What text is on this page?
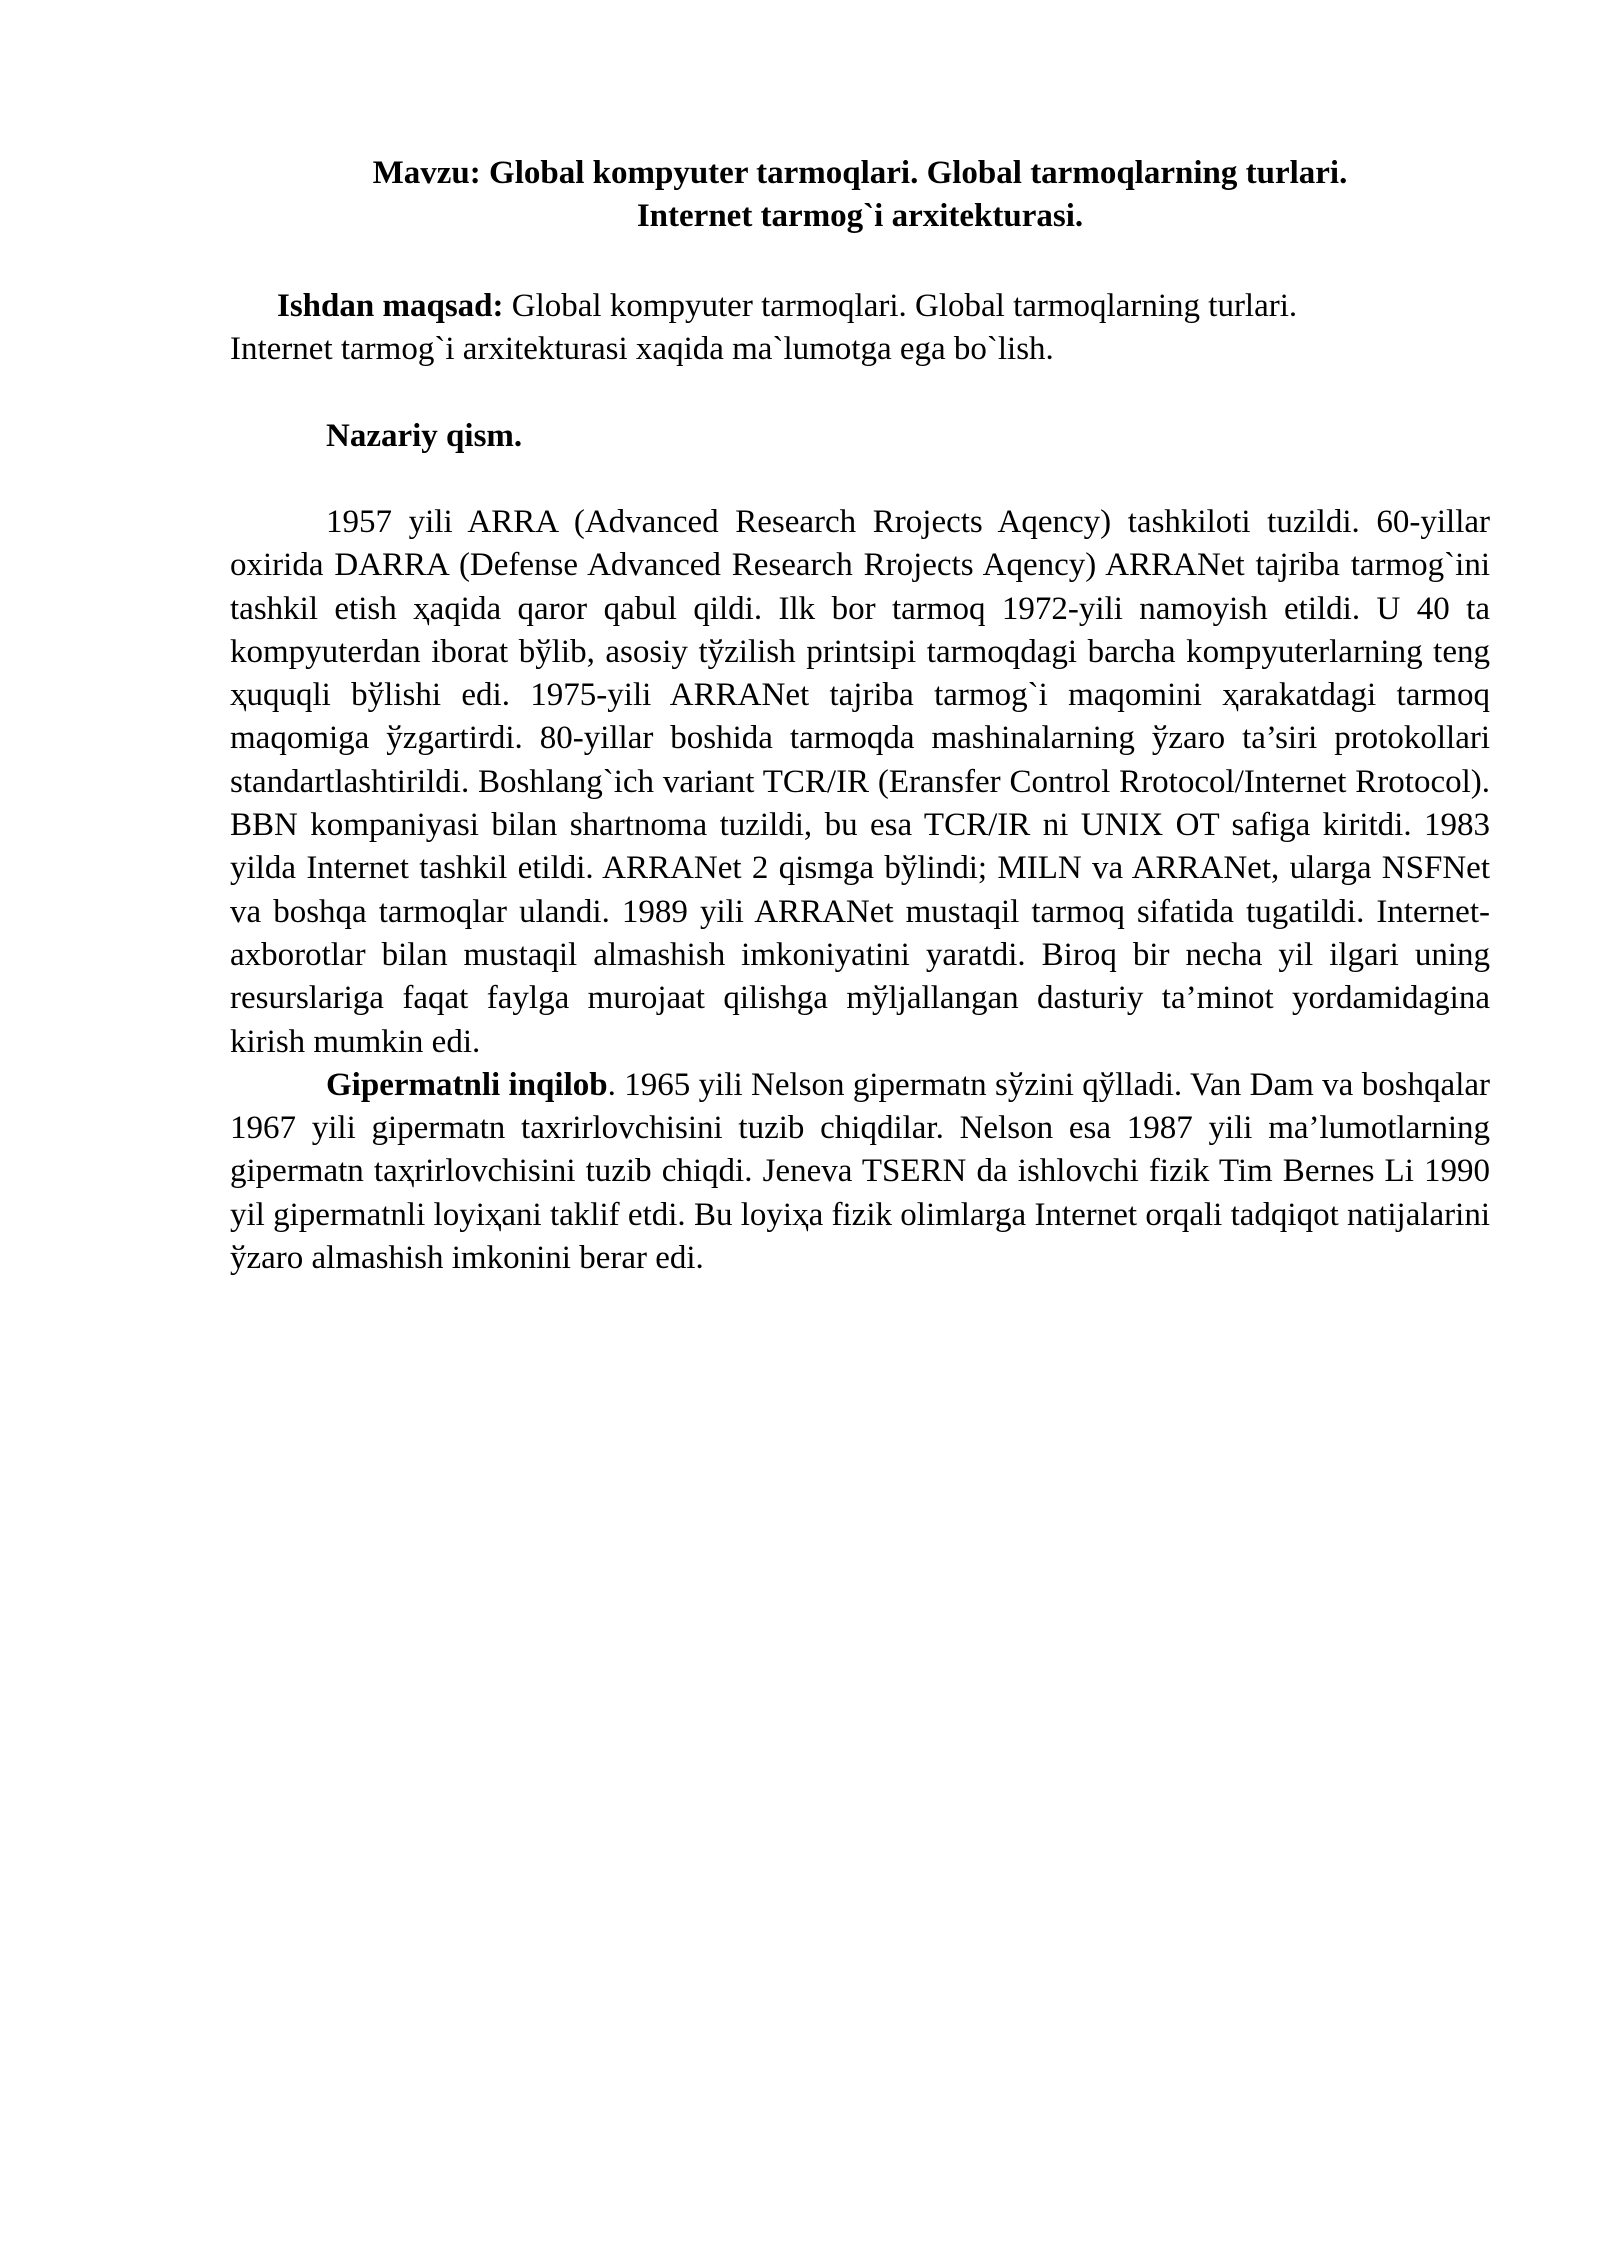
Mavzu: Global kompyuter tarmoqlari. Global tarmoqlarning turlari.
Internet tarmog`i arxitekturasi.
Ishdan maqsad: Global kompyuter tarmoqlari. Global tarmoqlarning turlari.
Internet tarmog`i arxitekturasi xaqida ma`lumotga ega bo`lish.
Nazariy qism.

1957 yili ARRA (Advanced Research Rrojects Aqency) tashkiloti tuzildi. 60-yillar oxirida DARRA (Defense Advanced Research Rrojects Aqency) ARRANet tajriba tarmog`ini tashkil etish ҳaqida qaror qabul qildi. Ilk bor tarmoq 1972-yili namoyish etildi. U 40 ta kompyuterdan iborat bўlib, asosiy tўzilish printsipi tarmoqdagi barcha kompyuterlarning teng ҳuquqli bўlishi edi. 1975-yili ARRANet tajriba tarmog`i maqomini ҳarakatdagi tarmoq maqomiga ўzgartirdi. 80-yillar boshida tarmoqda mashinalarning ўzaro ta’siri protokollari standartlashtirildi. Boshlang`ich variant TCR/IR (Eransfer Control Rrotocol/Internet Rrotocol). BBN kompaniyasi bilan shartnoma tuzildi, bu esa TCR/IR ni UNIX OT safiga kiritdi. 1983 yilda Internet tashkil etildi. ARRANet 2 qismga bўlindi; MILN va ARRANet, ularga NSFNet va boshqa tarmoqlar ulandi. 1989 yili ARRANet mustaqil tarmoq sifatida tugatildi. Internet-axborotlar bilan mustaqil almashish imkoniyatini yaratdi. Biroq bir necha yil ilgari uning resurslariga faqat faylga murojaat qilishga mўljallangan dasturiy ta’minot yordamidagina kirish mumkin edi.

Gipermatnli inqilob. 1965 yili Nelson gipermatn sўzini qўlladi. Van Dam va boshqalar 1967 yili gipermatn taxrirlovchisini tuzib chiqdilar. Nelson esa 1987 yili ma’lumotlarning gipermatn taҳrirlovchisini tuzib chiqdi. Jeneva TSERN da ishlovchi fizik Tim Bernes Li 1990 yil gipermatnli loyiҳani taklif etdi. Bu loyiҳa fizik olimlarga Internet orqali tadqiqot natijalarini ўzaro almashish imkonini berar edi.
